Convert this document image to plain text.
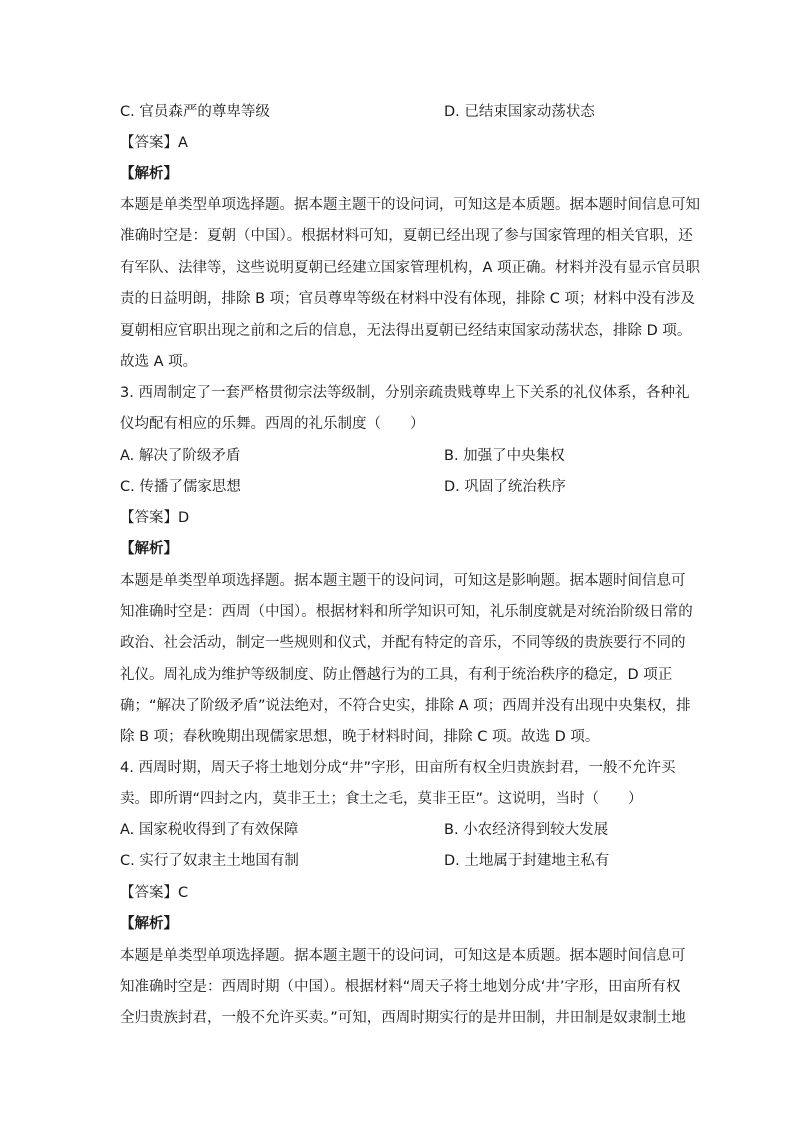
C. 官员森严的尊卑等级	D. 已结束国家动荡状态
【答案】A
【解析】
本题是单类型单项选择题。据本题主题干的设问词，可知这是本质题。据本题时间信息可知
准确时空是：夏朝（中国）。根据材料可知，夏朝已经出现了参与国家管理的相关官职，还
有军队、法律等，这些说明夏朝已经建立国家管理机构，A 项正确。材料并没有显示官员职
责的日益明朗，排除 B 项；官员尊卑等级在材料中没有体现，排除 C 项；材料中没有涉及
夏朝相应官职出现之前和之后的信息，无法得出夏朝已经结束国家动荡状态，排除 D 项。
故选 A 项。
3. 西周制定了一套严格贯彻宗法等级制，分别亲疏贵贱尊卑上下关系的礼仪体系，各种礼
仪均配有相应的乐舞。西周的礼乐制度（　　）
A. 解决了阶级矛盾	B. 加强了中央集权
C. 传播了儒家思想	D. 巩固了统治秩序
【答案】D
【解析】
本题是单类型单项选择题。据本题主题干的设问词，可知这是影响题。据本题时间信息可
知准确时空是：西周（中国）。根据材料和所学知识可知，礼乐制度就是对统治阶级日常的
政治、社会活动，制定一些规则和仪式，并配有特定的音乐，不同等级的贵族要行不同的
礼仪。周礼成为维护等级制度、防止僭越行为的工具，有利于统治秩序的稳定，D 项正
确；“解决了阶级矛盾”说法绝对，不符合史实，排除 A 项；西周并没有出现中央集权，排
除 B 项；春秋晚期出现儒家思想，晚于材料时间，排除 C 项。故选 D 项。
4. 西周时期，周天子将土地划分成“井”字形，田亩所有权全归贵族封君，一般不允许买
卖。即所谓“四封之内，莫非王土；食土之毛，莫非王臣”。这说明，当时（　　）
A. 国家税收得到了有效保障	B. 小农经济得到较大发展
C. 实行了奴隶主土地国有制	D. 土地属于封建地主私有
【答案】C
【解析】
本题是单类型单项选择题。据本题主题干的设问词，可知这是本质题。据本题时间信息可
知准确时空是：西周时期（中国）。根据材料“周天子将土地划分成‘井’字形，田亩所有权
全归贵族封君，一般不允许买卖。”可知，西周时期实行的是井田制，井田制是奴隶制土地
